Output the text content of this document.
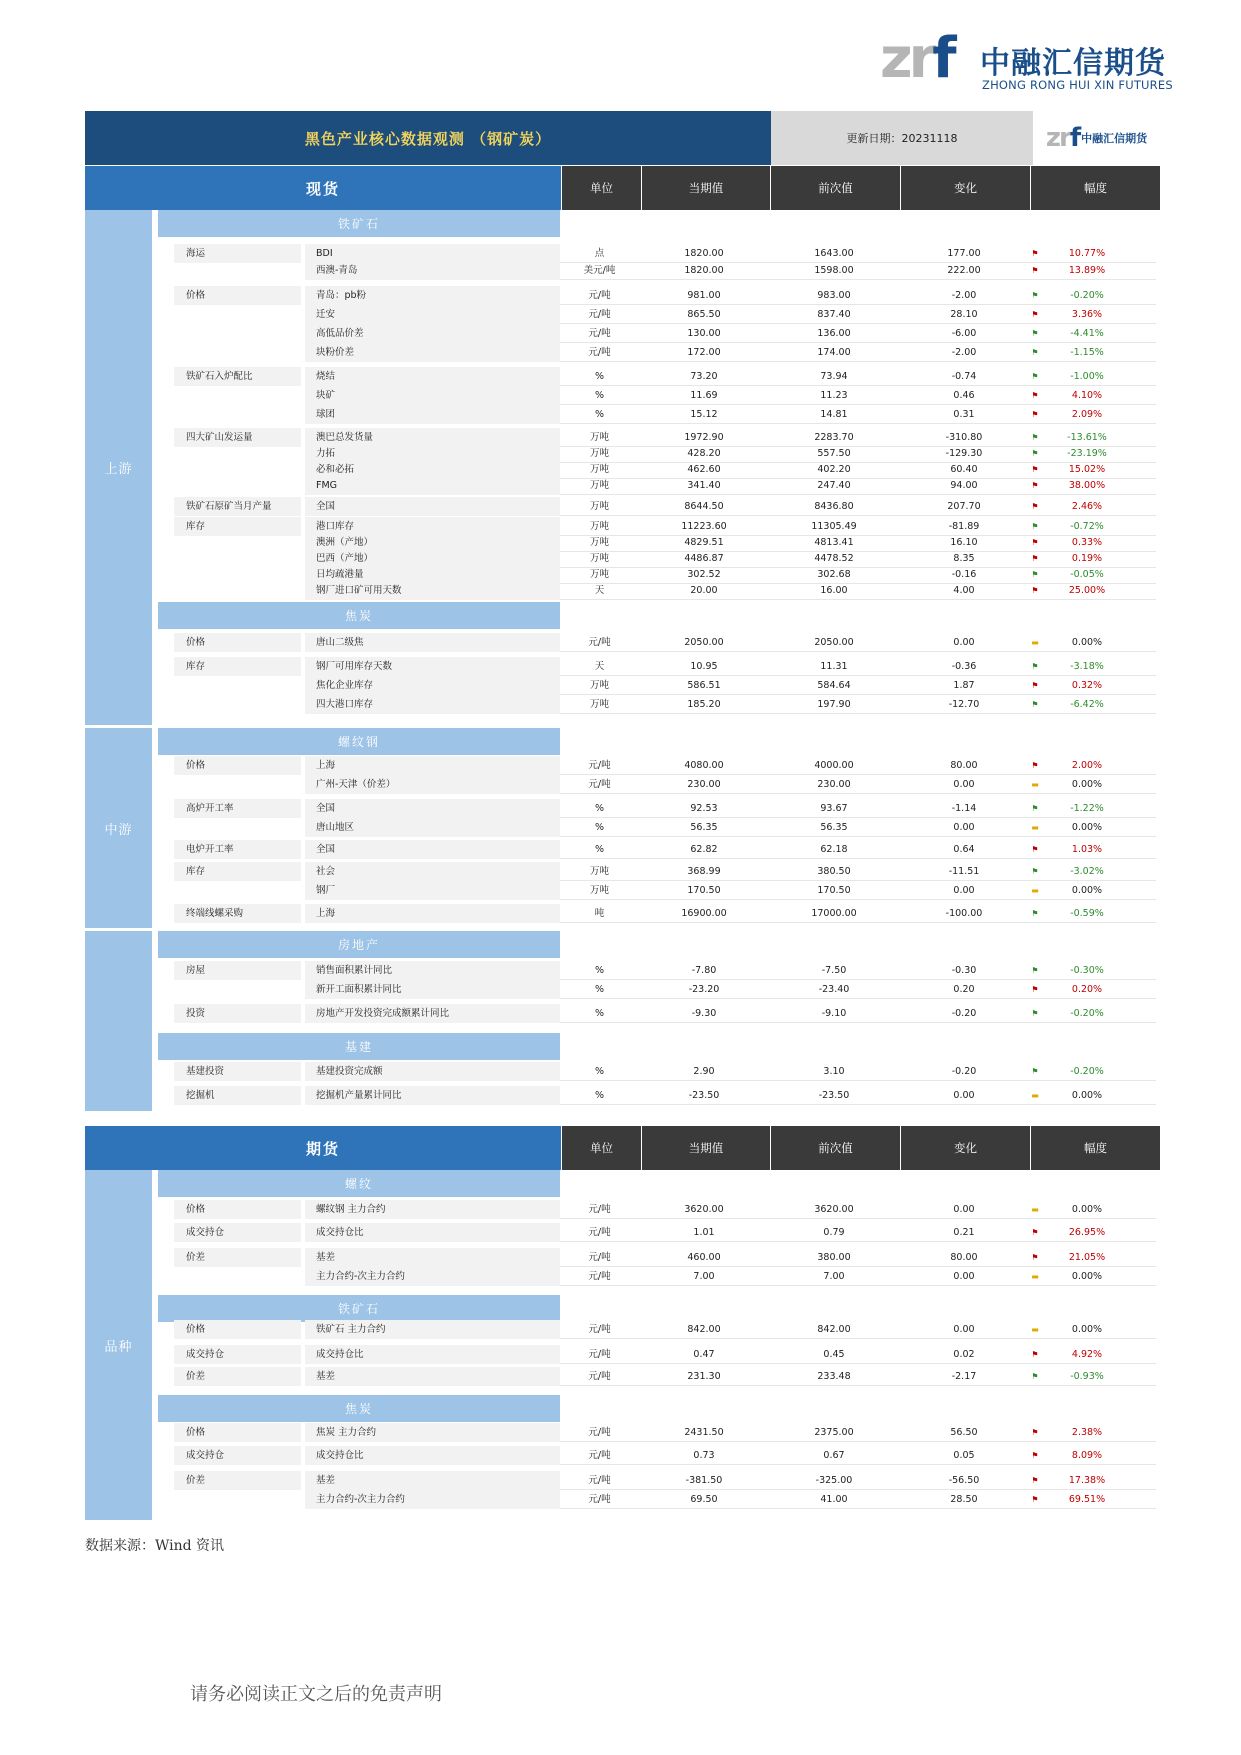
zrf 中融汇信期货
ZHONG RONG HUI XIN FUTURES
黑色产业核心数据观测 （钢矿炭）	更新日期：20231118	zrf 中融汇信期货
现货	单位	当期值	前次值	变化	幅度
期货	单位	当期值	前次值	变化	幅度
上游
中游
铁矿石
焦炭
螺纹钢
房地产
基建
品种
螺纹
铁矿石
焦炭
海运	BDI	点	1820.00	1643.00	177.00	⚑	10.77%
西澳-青岛	美元/吨	1820.00	1598.00	222.00	⚑	13.89%
价格	青岛：pb粉	元/吨	981.00	983.00	-2.00	⚑	-0.20%
迁安	元/吨	865.50	837.40	28.10	⚑	3.36%
高低品价差	元/吨	130.00	136.00	-6.00	⚑	-4.41%
块粉价差	元/吨	172.00	174.00	-2.00	⚑	-1.15%
铁矿石入炉配比	烧结	%	73.20	73.94	-0.74	⚑	-1.00%
块矿	%	11.69	11.23	0.46	⚑	4.10%
球团	%	15.12	14.81	0.31	⚑	2.09%
四大矿山发运量	澳巴总发货量	万吨	1972.90	2283.70	-310.80	⚑	-13.61%
力拓	万吨	428.20	557.50	-129.30	⚑	-23.19%
必和必拓	万吨	462.60	402.20	60.40	⚑	15.02%
FMG	万吨	341.40	247.40	94.00	⚑	38.00%
铁矿石原矿当月产量	全国	万吨	8644.50	8436.80	207.70	⚑	2.46%
库存	港口库存	万吨	11223.60	11305.49	-81.89	⚑	-0.72%
澳洲（产地）	万吨	4829.51	4813.41	16.10	⚑	0.33%
巴西（产地）	万吨	4486.87	4478.52	8.35	⚑	0.19%
日均疏港量	万吨	302.52	302.68	-0.16	⚑	-0.05%
钢厂进口矿可用天数	天	20.00	16.00	4.00	⚑	25.00%
价格	唐山二级焦	元/吨	2050.00	2050.00	0.00	▬	0.00%
库存	钢厂可用库存天数	天	10.95	11.31	-0.36	⚑	-3.18%
焦化企业库存	万吨	586.51	584.64	1.87	⚑	0.32%
四大港口库存	万吨	185.20	197.90	-12.70	⚑	-6.42%
价格	上海	元/吨	4080.00	4000.00	80.00	⚑	2.00%
广州-天津（价差）	元/吨	230.00	230.00	0.00	▬	0.00%
高炉开工率	全国	%	92.53	93.67	-1.14	⚑	-1.22%
唐山地区	%	56.35	56.35	0.00	▬	0.00%
电炉开工率	全国	%	62.82	62.18	0.64	⚑	1.03%
库存	社会	万吨	368.99	380.50	-11.51	⚑	-3.02%
钢厂	万吨	170.50	170.50	0.00	▬	0.00%
终端线螺采购	上海	吨	16900.00	17000.00	-100.00	⚑	-0.59%
房屋	销售面积累计同比	%	-7.80	-7.50	-0.30	⚑	-0.30%
新开工面积累计同比	%	-23.20	-23.40	0.20	⚑	0.20%
投资	房地产开发投资完成额累计同比	%	-9.30	-9.10	-0.20	⚑	-0.20%
基建投资	基建投资完成额	%	2.90	3.10	-0.20	⚑	-0.20%
挖掘机	挖掘机产量累计同比	%	-23.50	-23.50	0.00	▬	0.00%
价格	螺纹钢 主力合约	元/吨	3620.00	3620.00	0.00	▬	0.00%
成交持仓	成交持仓比	元/吨	1.01	0.79	0.21	⚑	26.95%
价差	基差	元/吨	460.00	380.00	80.00	⚑	21.05%
主力合约-次主力合约	元/吨	7.00	7.00	0.00	▬	0.00%
价格	铁矿石 主力合约	元/吨	842.00	842.00	0.00	▬	0.00%
成交持仓	成交持仓比	元/吨	0.47	0.45	0.02	⚑	4.92%
价差	基差	元/吨	231.30	233.48	-2.17	⚑	-0.93%
价格	焦炭 主力合约	元/吨	2431.50	2375.00	56.50	⚑	2.38%
成交持仓	成交持仓比	元/吨	0.73	0.67	0.05	⚑	8.09%
价差	基差	元/吨	-381.50	-325.00	-56.50	⚑	17.38%
主力合约-次主力合约	元/吨	69.50	41.00	28.50	⚑	69.51%
数据来源：Wind 资讯
请务必阅读正文之后的免责声明
